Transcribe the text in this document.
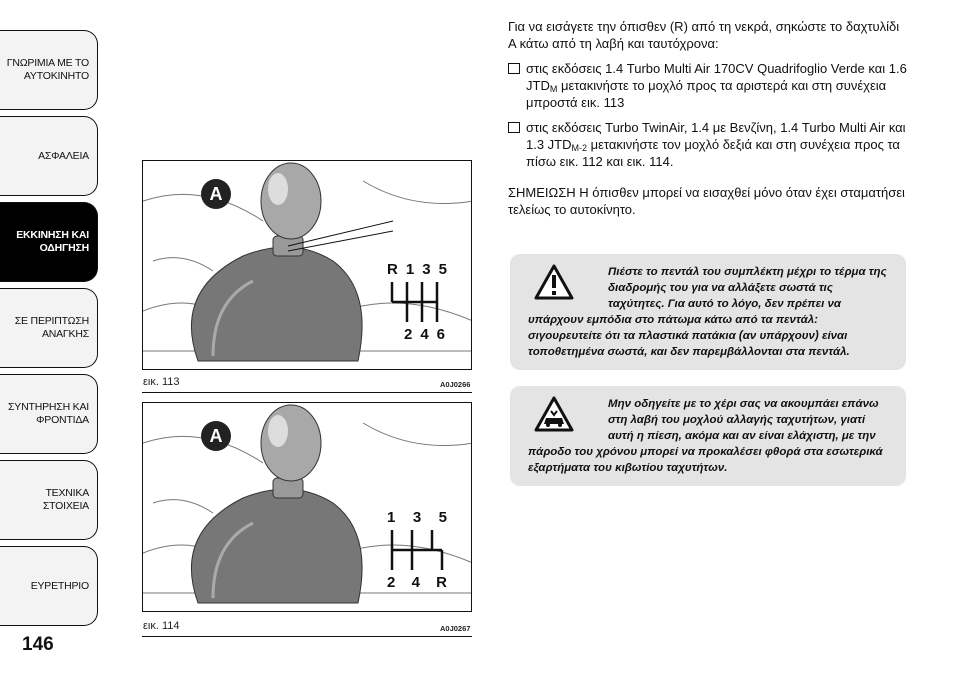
ΓΝΩΡΙΜΙΑ ΜΕ ΤΟ ΑΥΤΟΚΙΝΗΤΟ
ΑΣΦΑΛΕΙΑ
ΕΚΚΙΝΗΣΗ ΚΑΙ ΟΔΗΓΗΣΗ
ΣΕ ΠΕΡΙΠΤΩΣΗ ΑΝΑΓΚΗΣ
ΣΥΝΤΗΡΗΣΗ ΚΑΙ ΦΡΟΝΤΙΔΑ
ΤΕΧΝΙΚΑ ΣΤΟΙΧΕΙΑ
ΕΥΡΕΤΗΡΙΟ
146
A
R 1 3 5
2 4 6
εικ. 113	A0J0266
A
1 3 5
2 4 R
εικ. 114	A0J0267

Για να εισάγετε την όπισθεν (R) από τη νεκρά, σηκώστε το δαχτυλίδι A κάτω από τη λαβή και ταυτόχρονα:

στις εκδόσεις 1.4 Turbo Multi Air 170CV Quadrifoglio Verde και 1.6 $JTD_M$ μετακινήστε το μοχλό προς τα αριστερά και στη συνέχεια μπροστά εικ. 113
στις εκδόσεις Turbo TwinAir, 1.4 με Βενζίνη, 1.4 Turbo Multi Air και 1.3 $JTD_{M-2}$ μετακινήστε τον μοχλό δεξιά και στη συνέχεια προς τα πίσω εικ. 112 και εικ. 114.

ΣΗΜΕΙΩΣΗ Η όπισθεν μπορεί να εισαχθεί μόνο όταν έχει σταματήσει τελείως το αυτοκίνητο.

Πιέστε το πεντάλ του συμπλέκτη μέχρι το τέρμα της διαδρομής του για να αλλάξετε σωστά τις ταχύτητες. Για αυτό το λόγο, δεν πρέπει να υπάρχουν εμπόδια στο πάτωμα κάτω από τα πεντάλ: σιγουρευτείτε ότι τα πλαστικά πατάκια (αν υπάρχουν) είναι τοποθετημένα σωστά, και δεν παρεμβάλλονται στα πεντάλ.
Μην οδηγείτε με το χέρι σας να ακουμπάει επάνω στη λαβή του μοχλού αλλαγής ταχυτήτων, γιατί αυτή η πίεση, ακόμα και αν είναι ελάχιστη, με την πάροδο του χρόνου μπορεί να προκαλέσει φθορά στα εσωτερικά εξαρτήματα του κιβωτίου ταχυτήτων.
